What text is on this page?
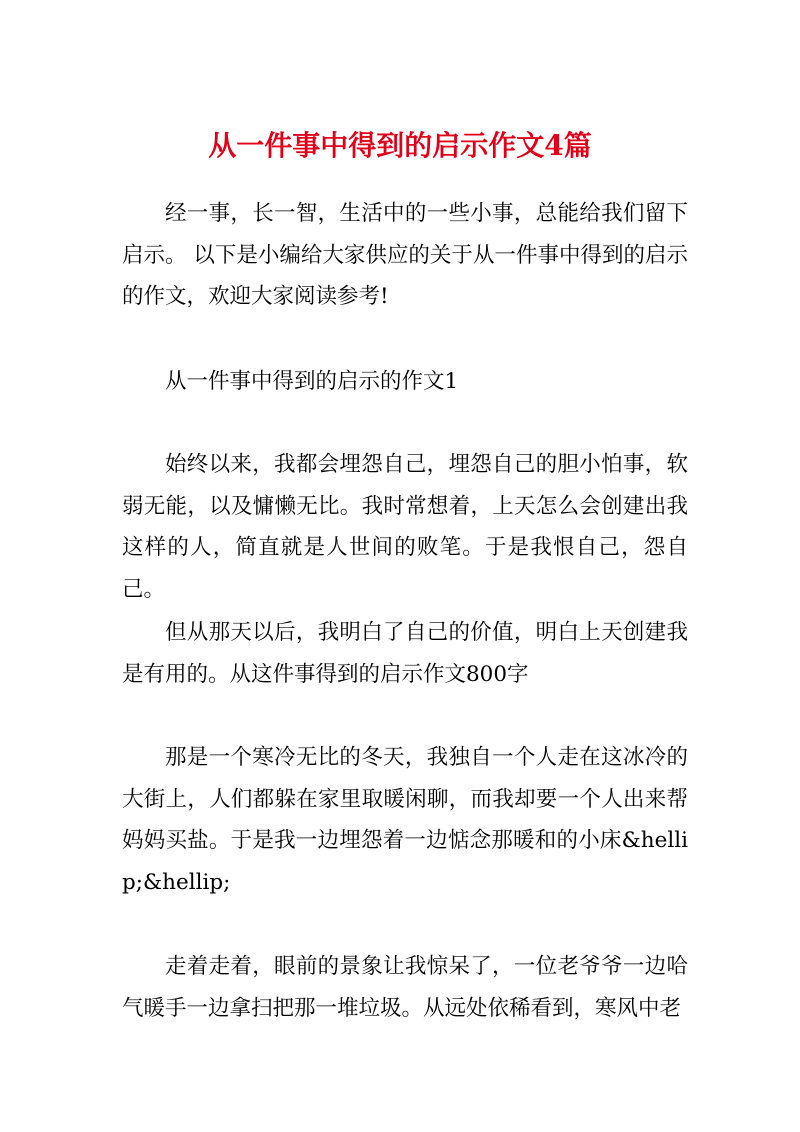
从一件事中得到的启示作文4篇

经一事，长一智，生活中的一些小事，总能给我们留下启示。 以下是小编给大家供应的关于从一件事中得到的启示的作文，欢迎大家阅读参考!

从一件事中得到的启示的作文1

始终以来，我都会埋怨自己，埋怨自己的胆小怕事，软弱无能，以及慵懒无比。我时常想着，上天怎么会创建出我这样的人，简直就是人世间的败笔。于是我恨自己，怨自己。

但从那天以后，我明白了自己的价值，明白上天创建我是有用的。从这件事得到的启示作文800字

那是一个寒冷无比的冬天，我独自一个人走在这冰冷的大街上，人们都躲在家里取暖闲聊，而我却要一个人出来帮妈妈买盐。于是我一边埋怨着一边惦念那暖和的小床&hellip;&hellip;

走着走着，眼前的景象让我惊呆了，一位老爷爷一边哈气暖手一边拿扫把那一堆垃圾。从远处依稀看到，寒风中老
